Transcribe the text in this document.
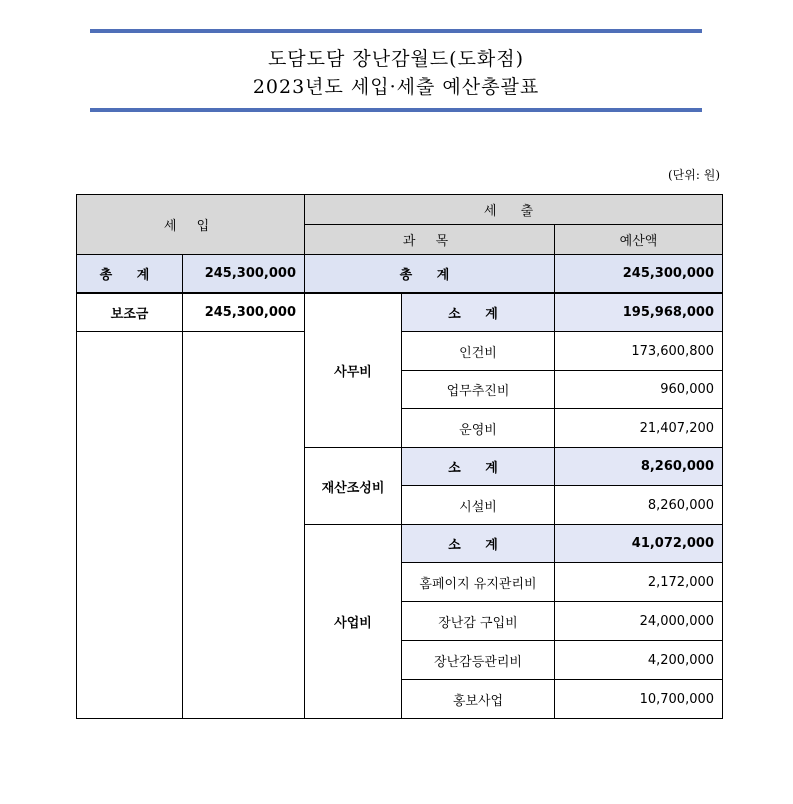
도담도담 장난감월드(도화점)
2023년도 세입·세출 예산총괄표
(단위: 원)
세 입		세 출		
		과 목		예산액
총 계	245,300,000	총 계		245,300,000
보조금	245,300,000	사무비	소 계	195,968,000
			인건비	173,600,800
			업무추진비	960,000
			운영비	21,407,200
		재산조성비	소 계	8,260,000
			시설비	8,260,000
		사업비	소 계	41,072,000
			홈페이지 유지관리비	2,172,000
			장난감 구입비	24,000,000
			장난감등관리비	4,200,000
			홍보사업	10,700,000
